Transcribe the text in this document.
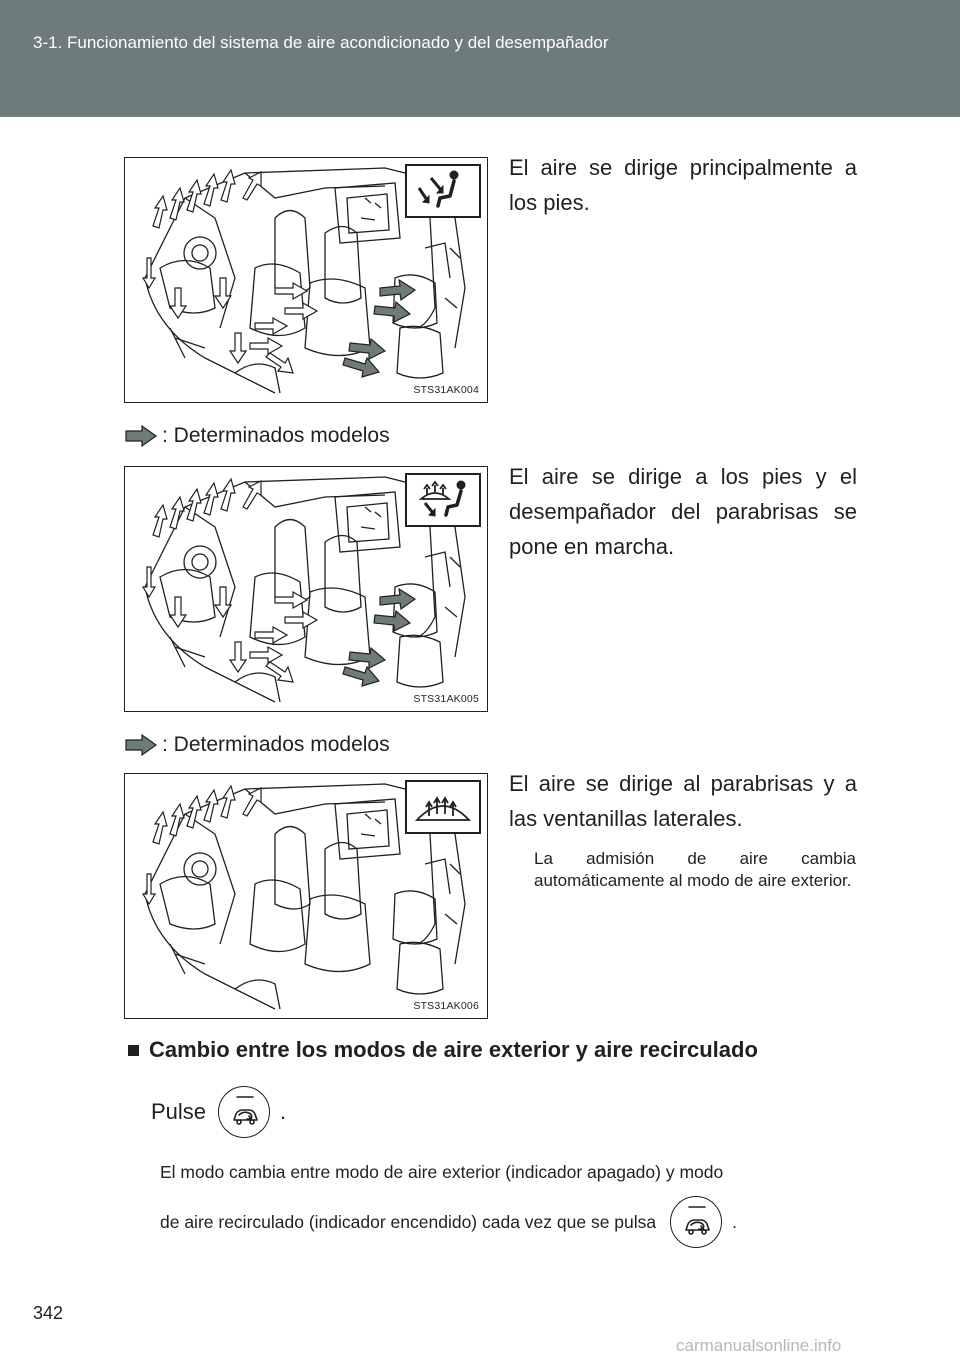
3-1. Funcionamiento del sistema de aire acondicionado y del desempañador
STS31AK004
El aire se dirige principalmente a los pies.
: Determinados modelos
STS31AK005
El aire se dirige a los pies y el desempañador del parabrisas se pone en marcha.
: Determinados modelos
STS31AK006
El aire se dirige al parabrisas y a las ventanillas laterales.
La admisión de aire cambia automáticamente al modo de aire exterior.
Cambio entre los modos de aire exterior y aire recirculado
Pulse	.
El modo cambia entre modo de aire exterior (indicador apagado) y modo
de aire recirculado (indicador encendido) cada vez que se pulsa	.
342
carmanualsonline.info
